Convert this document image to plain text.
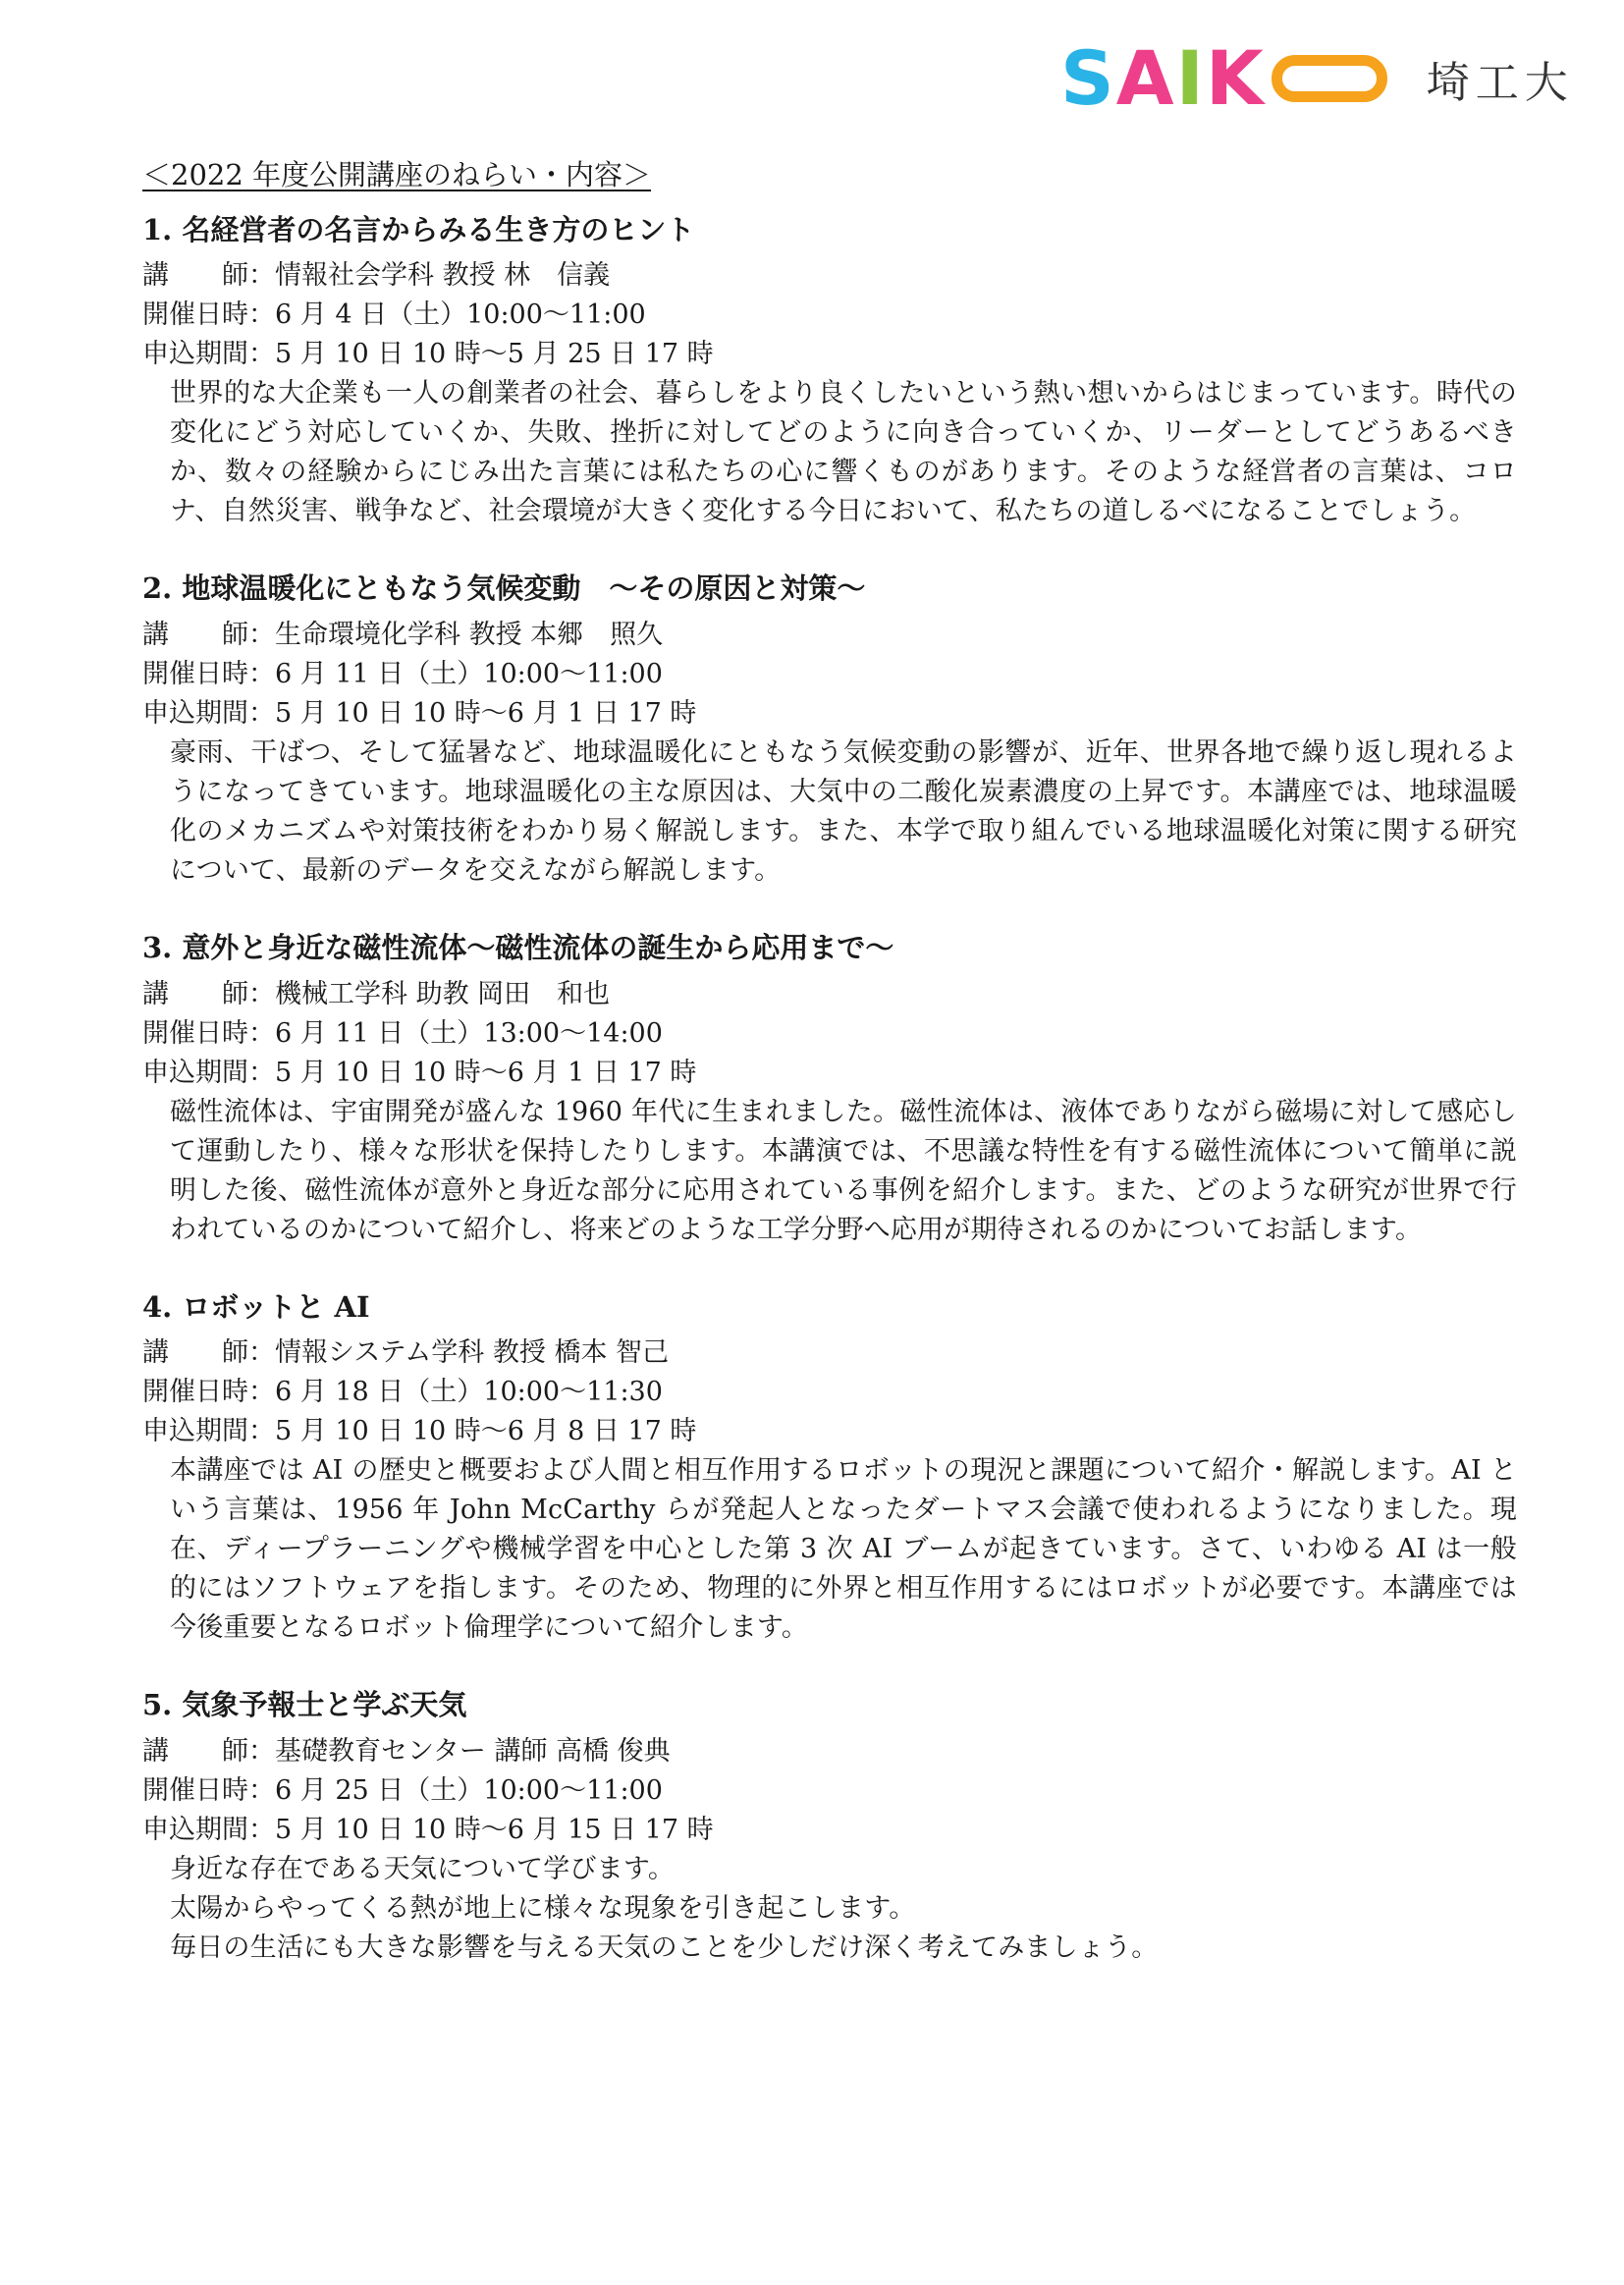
S A I K	埼工大
＜2022 年度公開講座のねらい・内容＞
1. 名経営者の名言からみる生き方のヒント
講　　師：情報社会学科 教授 林　信義
開催日時：6 月 4 日（土）10:00～11:00
申込期間：5 月 10 日 10 時～5 月 25 日 17 時

世界的な大企業も一人の創業者の社会、暮らしをより良くしたいという熱い想いからはじまっています。時代の変化にどう対応していくか、失敗、挫折に対してどのように向き合っていくか、リーダーとしてどうあるべきか、数々の経験からにじみ出た言葉には私たちの心に響くものがあります。そのような経営者の言葉は、コロナ、自然災害、戦争など、社会環境が大きく変化する今日において、私たちの道しるべになることでしょう。

2. 地球温暖化にともなう気候変動　～その原因と対策～
講　　師：生命環境化学科 教授 本郷　照久
開催日時：6 月 11 日（土）10:00～11:00
申込期間：5 月 10 日 10 時～6 月 1 日 17 時

豪雨、干ばつ、そして猛暑など、地球温暖化にともなう気候変動の影響が、近年、世界各地で繰り返し現れるようになってきています。地球温暖化の主な原因は、大気中の二酸化炭素濃度の上昇です。本講座では、地球温暖化のメカニズムや対策技術をわかり易く解説します。また、本学で取り組んでいる地球温暖化対策に関する研究について、最新のデータを交えながら解説します。

3. 意外と身近な磁性流体～磁性流体の誕生から応用まで～
講　　師：機械工学科 助教 岡田　和也
開催日時：6 月 11 日（土）13:00～14:00
申込期間：5 月 10 日 10 時～6 月 1 日 17 時

磁性流体は、宇宙開発が盛んな 1960 年代に生まれました。磁性流体は、液体でありながら磁場に対して感応して運動したり、様々な形状を保持したりします。本講演では、不思議な特性を有する磁性流体について簡単に説明した後、磁性流体が意外と身近な部分に応用されている事例を紹介します。また、どのような研究が世界で行われているのかについて紹介し、将来どのような工学分野へ応用が期待されるのかについてお話します。

4. ロボットと AI
講　　師：情報システム学科 教授 橋本 智己
開催日時：6 月 18 日（土）10:00～11:30
申込期間：5 月 10 日 10 時～6 月 8 日 17 時

本講座では AI の歴史と概要および人間と相互作用するロボットの現況と課題について紹介・解説します。AI という言葉は、1956 年 John McCarthy らが発起人となったダートマス会議で使われるようになりました。現在、ディープラーニングや機械学習を中心とした第 3 次 AI ブームが起きています。さて、いわゆる AI は一般的にはソフトウェアを指します。そのため、物理的に外界と相互作用するにはロボットが必要です。本講座では今後重要となるロボット倫理学について紹介します。

5. 気象予報士と学ぶ天気
講　　師：基礎教育センター 講師 高橋 俊典
開催日時：6 月 25 日（土）10:00～11:00
申込期間：5 月 10 日 10 時～6 月 15 日 17 時

身近な存在である天気について学びます。

太陽からやってくる熱が地上に様々な現象を引き起こします。

毎日の生活にも大きな影響を与える天気のことを少しだけ深く考えてみましょう。
